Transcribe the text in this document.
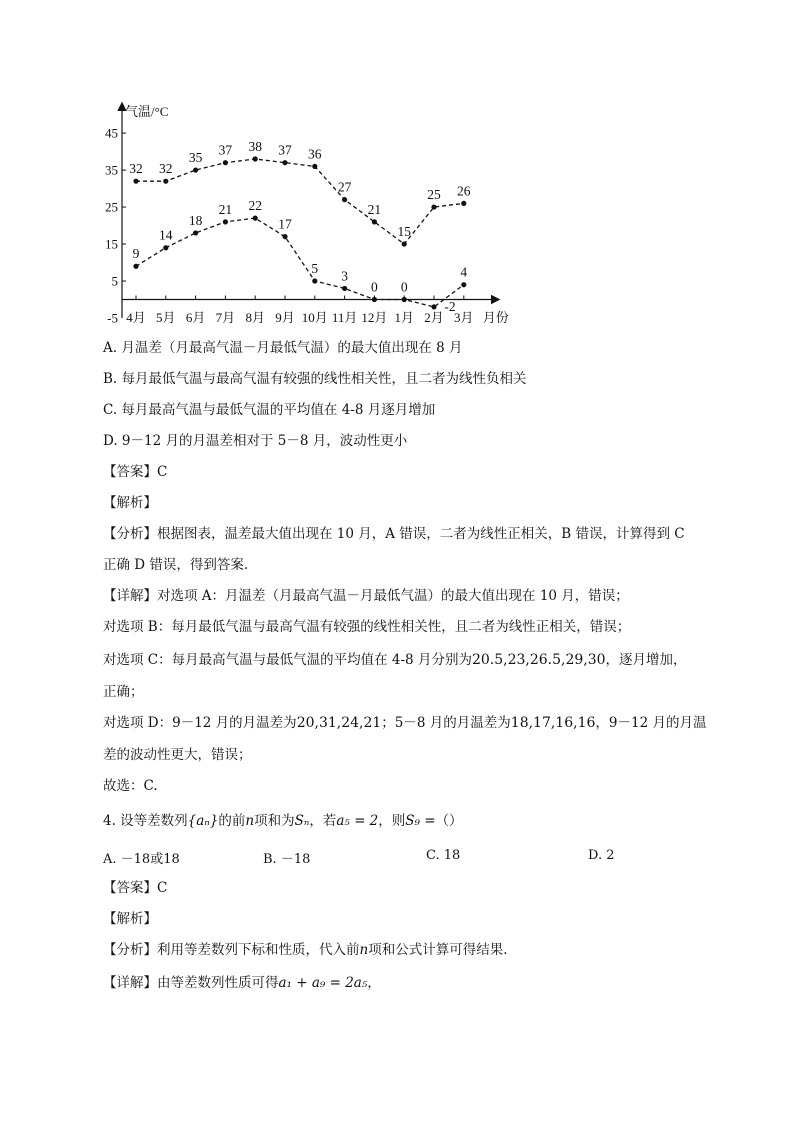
气温/°C
45
35
25
15
5
-5 4月 5月 6月 7月 8月 9月 10月 11月 12月 1月 2月 3月 月份
32 32
35 37 38 37 36
27
21
15
25 26
9
14
18
21 22
17
5 3
0 0
-2
4
A. 月温差（月最高气温－月最低气温）的最大值出现在 8 月
B. 每月最低气温与最高气温有较强的线性相关性，且二者为线性负相关
C. 每月最高气温与最低气温的平均值在 4-8 月逐月增加
D. 9－12 月的月温差相对于 5－8 月，波动性更小
【答案】C
【解析】
【分析】根据图表，温差最大值出现在 10 月，A 错误，二者为线性正相关，B 错误，计算得到 C
正确 D 错误，得到答案.
【详解】对选项 A：月温差（月最高气温－月最低气温）的最大值出现在 10 月，错误；
对选项 B：每月最低气温与最高气温有较强的线性相关性，且二者为线性正相关，错误；
对选项 C：每月最高气温与最低气温的平均值在 4-8 月分别为20.5,23,26.5,29,30，逐月增加，
正确；
对选项 D：9－12 月的月温差为20,31,24,21；5－8 月的月温差为18,17,16,16，9－12 月的月温
差的波动性更大，错误；
故选：C.
4. 设等差数列{aₙ}的前n项和为Sₙ，若a₅ = 2，则S₉ =（）
A. －18或18	B. －18	C. 18	D. 2
【答案】C
【解析】
【分析】利用等差数列下标和性质，代入前n项和公式计算可得结果.
【详解】由等差数列性质可得a₁ + a₉ = 2a₅，
